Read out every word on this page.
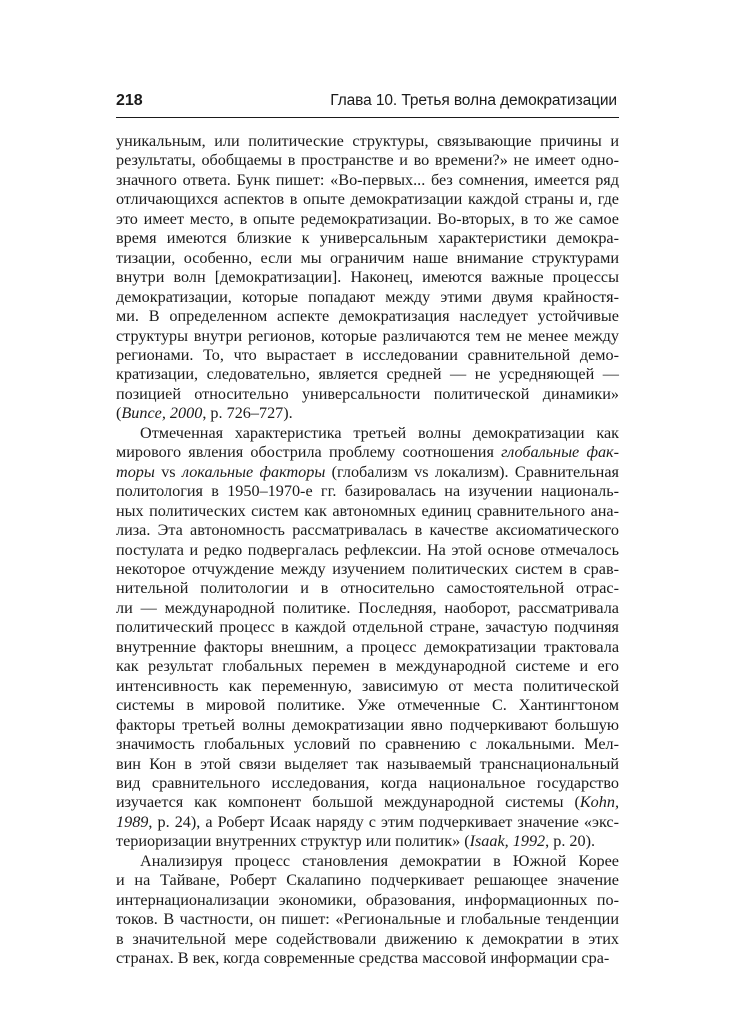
218	Глава 10. Третья волна демократизации
уникальным, или политические структуры, связывающие причины и
результаты, обобщаемы в пространстве и во времени?» не имеет одно-
значного ответа. Бунк пишет: «Во-первых... без сомнения, имеется ряд
отличающихся аспектов в опыте демократизации каждой страны и, где
это имеет место, в опыте редемократизации. Во-вторых, в то же самое
время имеются близкие к универсальным характеристики демокра-
тизации, особенно, если мы ограничим наше внимание структурами
внутри волн [демократизации]. Наконец, имеются важные процессы
демократизации, которые попадают между этими двумя крайностя-
ми. В определенном аспекте демократизация наследует устойчивые
структуры внутри регионов, которые различаются тем не менее между
регионами. То, что вырастает в исследовании сравнительной демо-
кратизации, следовательно, является средней — не усредняющей —
позицией относительно универсальности политической динамики»
(Bunce, 2000, p. 726–727).
Отмеченная характеристика третьей волны демократизации как
мирового явления обострила проблему соотношения глобальные фак-
торы vs локальные факторы (глобализм vs локализм). Сравнительная
политология в 1950–1970-е гг. базировалась на изучении националь-
ных политических систем как автономных единиц сравнительного ана-
лиза. Эта автономность рассматривалась в качестве аксиоматического
постулата и редко подвергалась рефлексии. На этой основе отмечалось
некоторое отчуждение между изучением политических систем в срав-
нительной политологии и в относительно самостоятельной отрас-
ли — международной политике. Последняя, наоборот, рассматривала
политический процесс в каждой отдельной стране, зачастую подчиняя
внутренние факторы внешним, а процесс демократизации трактовала
как результат глобальных перемен в международной системе и его
интенсивность как переменную, зависимую от места политической
системы в мировой политике. Уже отмеченные С. Хантингтоном
факторы третьей волны демократизации явно подчеркивают большую
значимость глобальных условий по сравнению с локальными. Мел-
вин Кон в этой связи выделяет так называемый транснациональный
вид сравнительного исследования, когда национальное государство
изучается как компонент большой международной системы (Kohn,
1989, p. 24), а Роберт Исаак наряду с этим подчеркивает значение «экс-
териоризации внутренних структур или политик» (Isaak, 1992, p. 20).
Анализируя процесс становления демократии в Южной Корее
и на Тайване, Роберт Скалапино подчеркивает решающее значение
интернационализации экономики, образования, информационных по-
токов. В частности, он пишет: «Региональные и глобальные тенденции
в значительной мере содействовали движению к демократии в этих
странах. В век, когда современные средства массовой информации сра-
